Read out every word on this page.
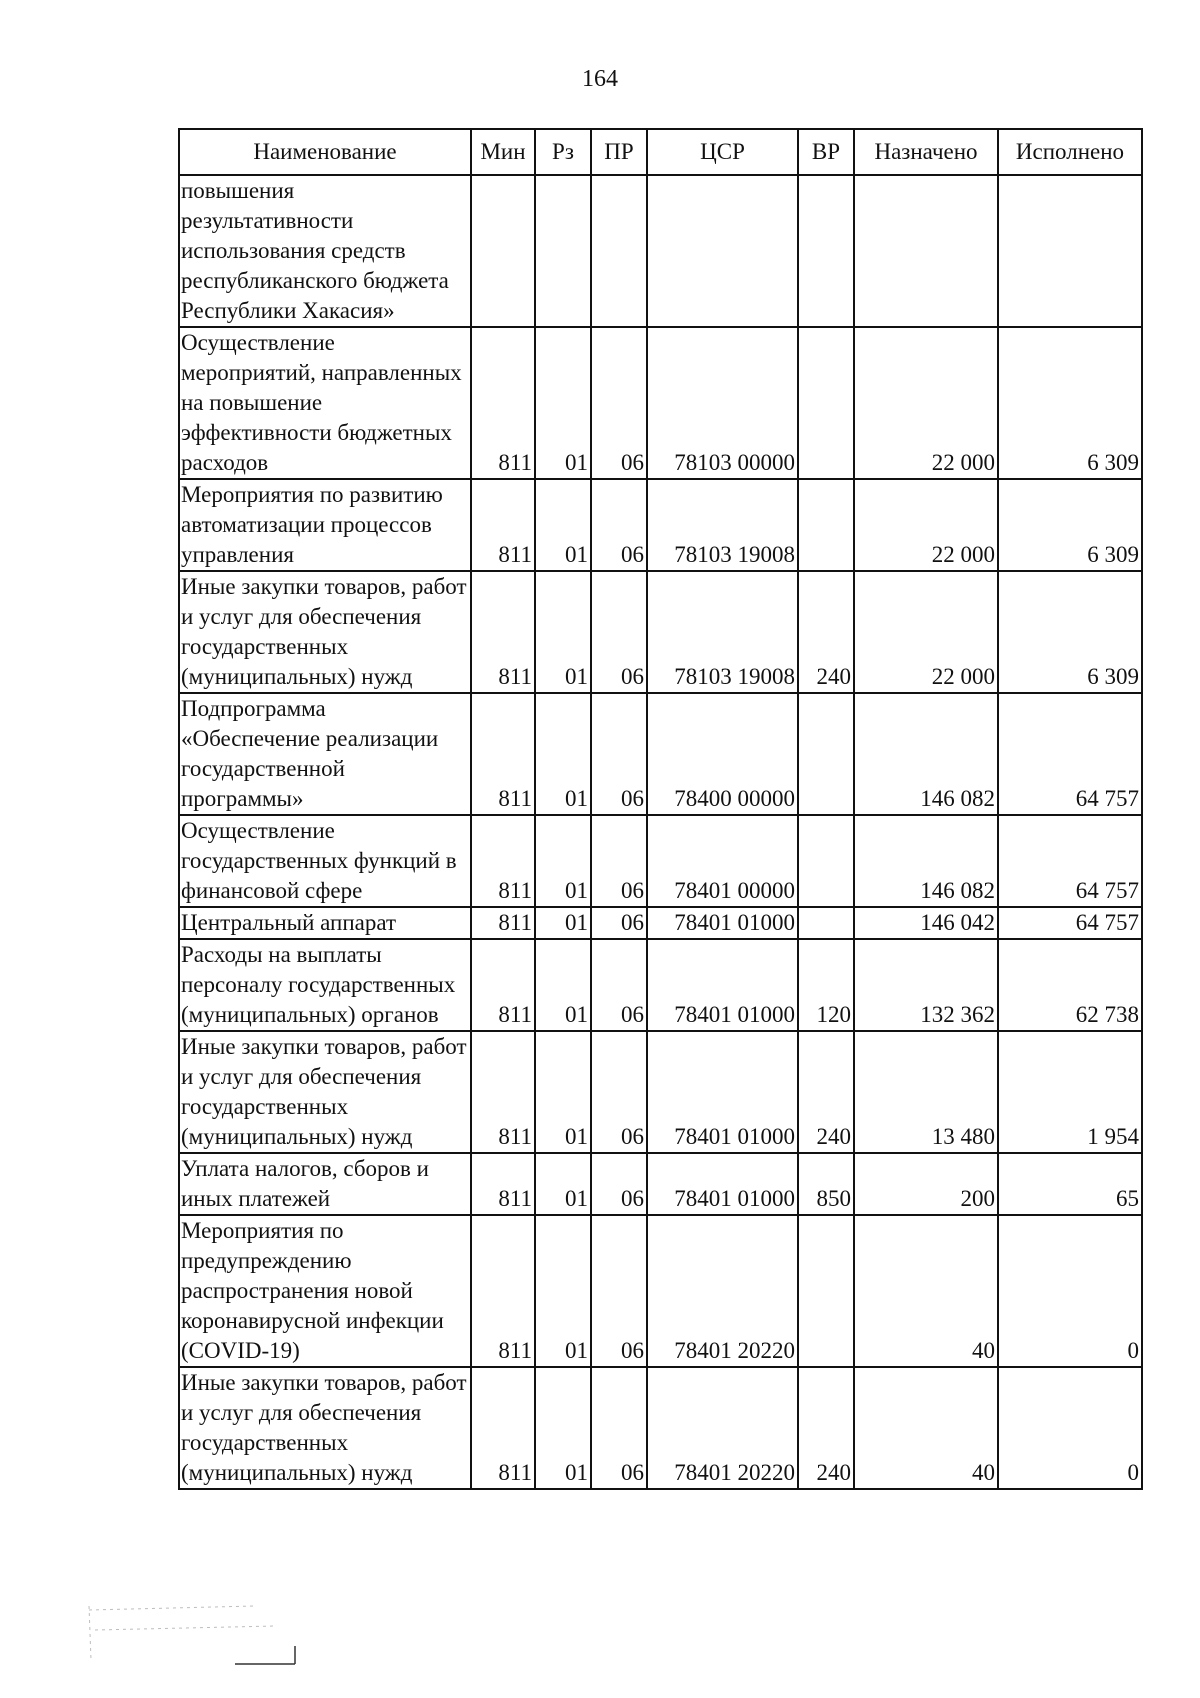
164
Наименование	Мин	Рз	ПР	ЦСР	ВР	Назначено	Исполнено
повышения результативности использования средств республиканского бюджета Республики Хакасия»							
Осуществление мероприятий, направленных на повышение эффективности бюджетных расходов	811	01	06	78103 00000		22 000	6 309
Мероприятия по развитию автоматизации процессов управления	811	01	06	78103 19008		22 000	6 309
Иные закупки товаров, работ и услуг для обеспечения государственных (муниципальных) нужд	811	01	06	78103 19008	240	22 000	6 309
Подпрограмма «Обеспечение реализации государственной программы»	811	01	06	78400 00000		146 082	64 757
Осуществление государственных функций в финансовой сфере	811	01	06	78401 00000		146 082	64 757
Центральный аппарат	811	01	06	78401 01000		146 042	64 757
Расходы на выплаты персоналу государственных (муниципальных) органов	811	01	06	78401 01000	120	132 362	62 738
Иные закупки товаров, работ и услуг для обеспечения государственных (муниципальных) нужд	811	01	06	78401 01000	240	13 480	1 954
Уплата налогов, сборов и иных платежей	811	01	06	78401 01000	850	200	65
Мероприятия по предупреждению распространения новой коронавирусной инфекции (COVID-19)	811	01	06	78401 20220		40	0
Иные закупки товаров, работ и услуг для обеспечения государственных (муниципальных) нужд	811	01	06	78401 20220	240	40	0
